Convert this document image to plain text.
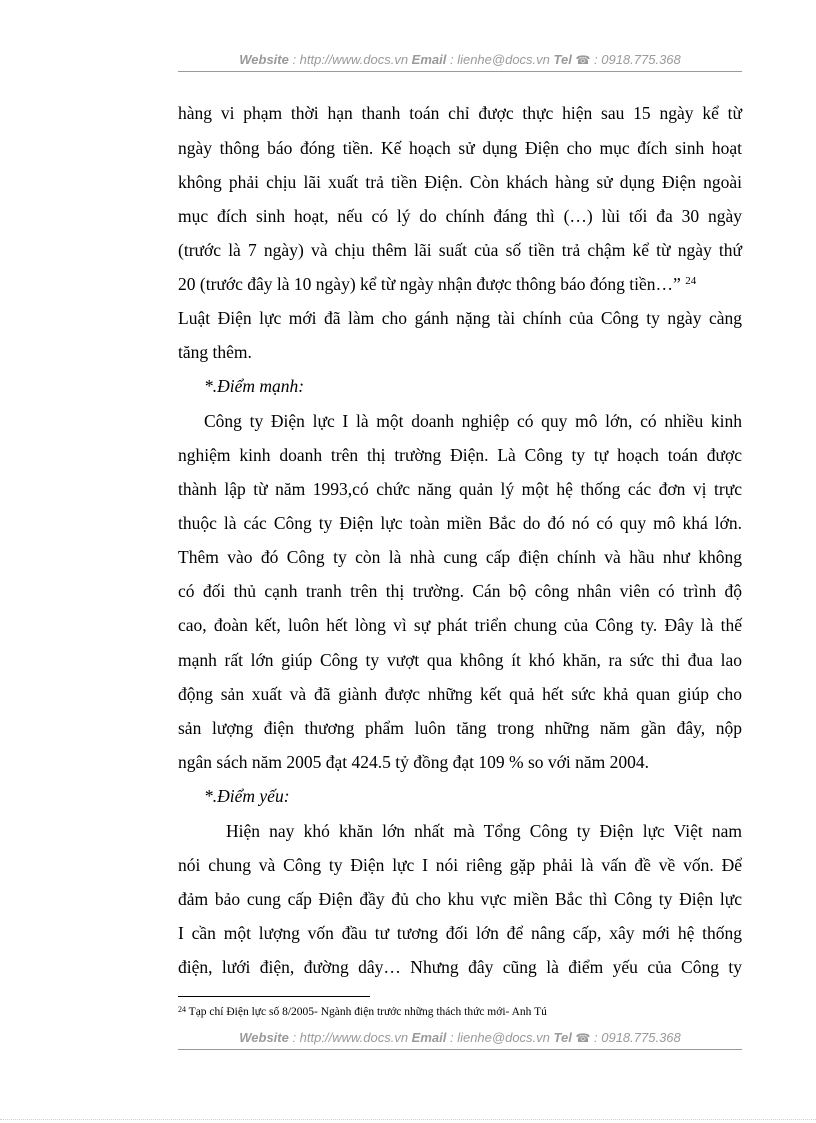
Website : http://www.docs.vn Email : lienhe@docs.vn Tel ☎ : 0918.775.368
hàng vi phạm thời hạn thanh toán chỉ được thực hiện sau 15 ngày kể từ
ngày thông báo đóng tiền. Kế hoạch sử dụng Điện cho mục đích sinh hoạt
không phải chịu lãi xuất trả tiền Điện. Còn khách hàng sử dụng Điện ngoài
mục đích sinh hoạt, nếu có lý do chính đáng thì (…) lùi tối đa 30 ngày
(trước là 7 ngày) và chịu thêm lãi suất của số tiền trả chậm kể từ ngày thứ
20 (trước đây là 10 ngày) kể từ ngày nhận được thông báo đóng tiền…” $^{24}$
Luật Điện lực mới đã làm cho gánh nặng tài chính của Công ty ngày càng
tăng thêm.
*.Điểm mạnh:
Công ty Điện lực I là một doanh nghiệp có quy mô lớn, có nhiều kinh
nghiệm kinh doanh trên thị trường Điện. Là Công ty tự hoạch toán được
thành lập từ năm 1993,có chức năng quản lý một hệ thống các đơn vị trực
thuộc là các Công ty Điện lực toàn miền Bắc do đó nó có quy mô khá lớn.
Thêm vào đó Công ty còn là nhà cung cấp điện chính và hầu như không
có đối thủ cạnh tranh trên thị trường. Cán bộ công nhân viên có trình độ
cao, đoàn kết, luôn hết lòng vì sự phát triển chung của Công ty. Đây là thế
mạnh rất lớn giúp Công ty vượt qua không ít khó khăn, ra sức thi đua lao
động sản xuất và đã giành được những kết quả hết sức khả quan giúp cho
sản lượng điện thương phẩm luôn tăng trong những năm gần đây, nộp
ngân sách năm 2005 đạt 424.5 tỷ đồng đạt 109 % so với năm 2004.
*.Điểm yếu:
Hiện nay khó khăn lớn nhất mà Tổng Công ty Điện lực Việt nam
nói chung và Công ty Điện lực I nói riêng gặp phải là vấn đề về vốn. Để
đảm bảo cung cấp Điện đầy đủ cho khu vực miền Bắc thì Công ty Điện lực
I cần một lượng vốn đầu tư tương đối lớn để nâng cấp, xây mới hệ thống
điện, lưới điện, đường dây… Nhưng đây cũng là điểm yếu của Công ty
$^{24}$ Tạp chí Điện lực số 8/2005- Ngành điện trước những thách thức mới- Anh Tú
Website : http://www.docs.vn Email : lienhe@docs.vn Tel ☎ : 0918.775.368
